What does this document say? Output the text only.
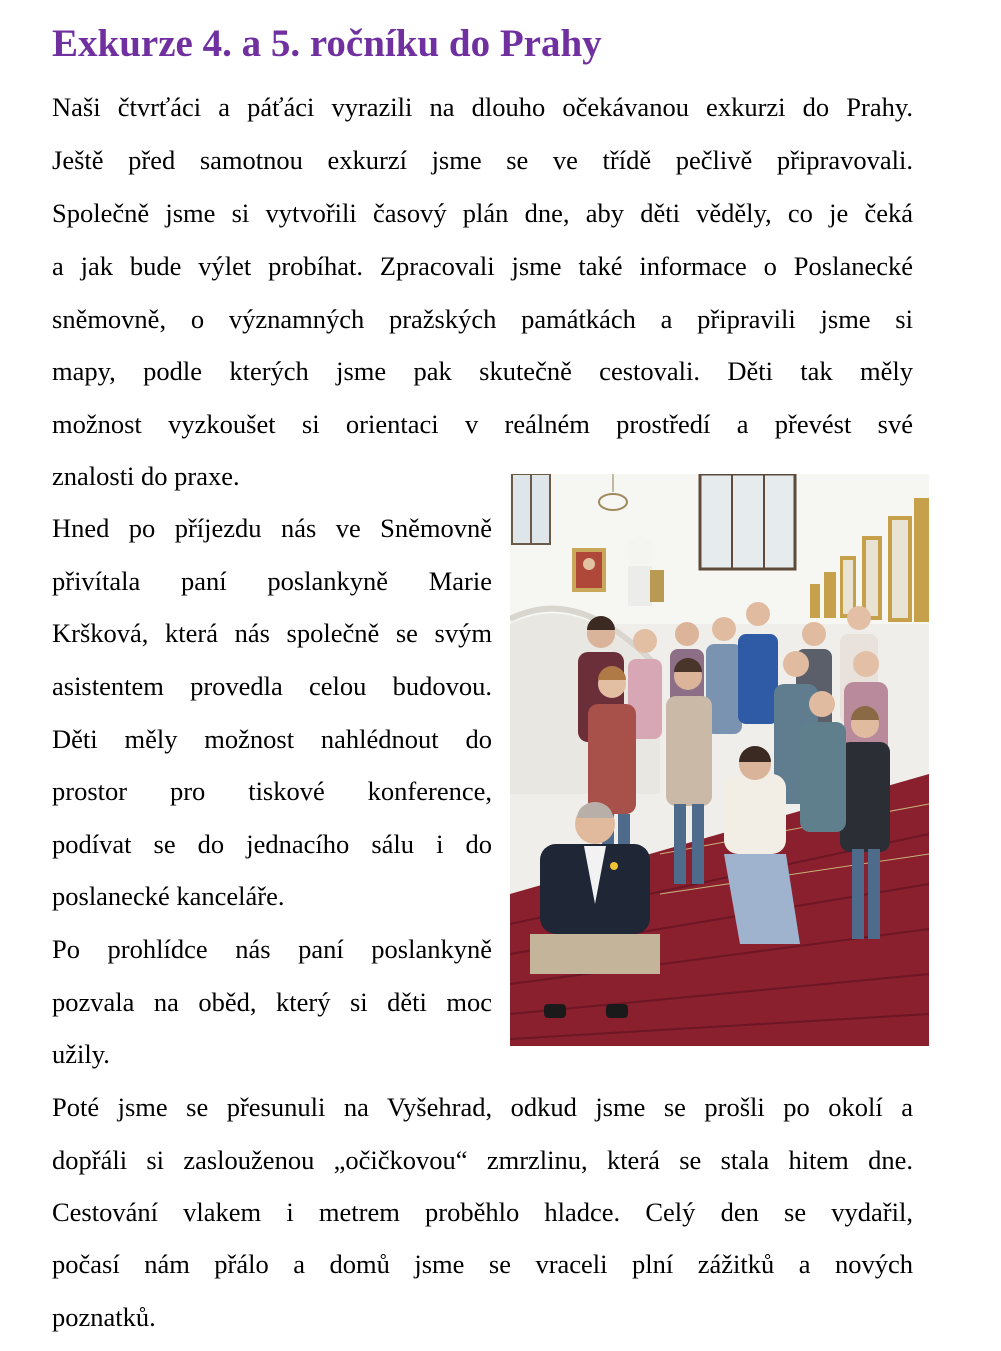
Exkurze 4. a 5. ročníku do Prahy

Naši čtvrťáci a páťáci vyrazili na dlouho očekávanou exkurzi do Prahy.

Ještě před samotnou exkurzí jsme se ve třídě pečlivě připravovali.

Společně jsme si vytvořili časový plán dne, aby děti věděly, co je čeká

a jak bude výlet probíhat. Zpracovali jsme také informace o Poslanecké

sněmovně, o významných pražských památkách a připravili jsme si

mapy, podle kterých jsme pak skutečně cestovali. Děti tak měly

možnost vyzkoušet si orientaci v reálném prostředí a převést své

znalosti do praxe.

Hned po příjezdu nás ve Sněmovně

přivítala paní poslankyně Marie

Kršková, která nás společně se svým

asistentem provedla celou budovou.

Děti měly možnost nahlédnout do

prostor pro tiskové konference,

podívat se do jednacího sálu i do

poslanecké kanceláře.

Po prohlídce nás paní poslankyně

pozvala na oběd, který si děti moc

užily.

Poté jsme se přesunuli na Vyšehrad, odkud jsme se prošli po okolí a

dopřáli si zaslouženou „očičkovou“ zmrzlinu, která se stala hitem dne.

Cestování vlakem i metrem proběhlo hladce. Celý den se vydařil,

počasí nám přálo a domů jsme se vraceli plní zážitků a nových

poznatků.
